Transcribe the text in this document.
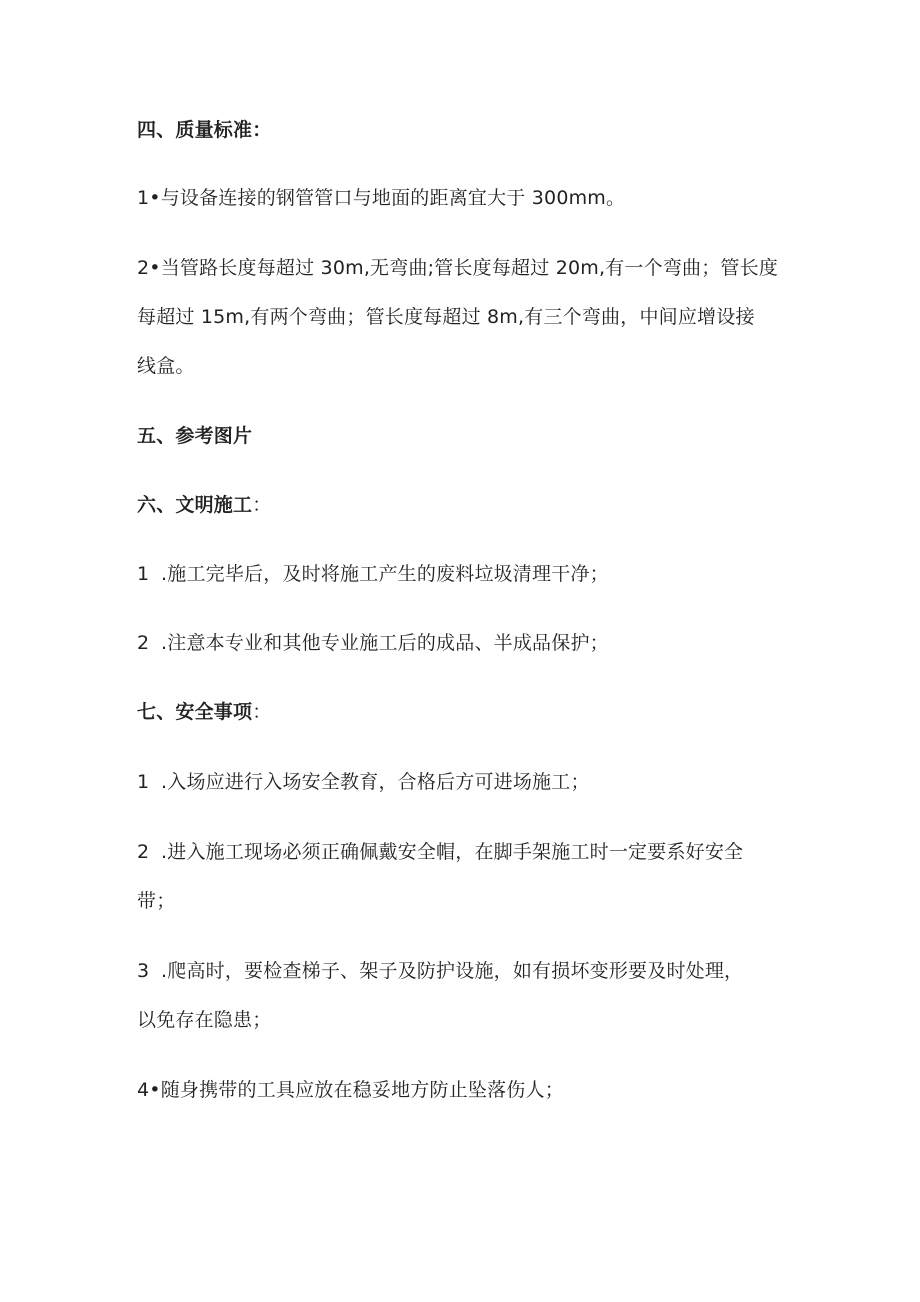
四、质量标准：
1•与设备连接的钢管管口与地面的距离宜大于 300mm。
2•当管路长度每超过 30m,无弯曲;管长度每超过 20m,有一个弯曲；管长度
每超过 15m,有两个弯曲；管长度每超过 8m,有三个弯曲，中间应增设接
线盒。
五、参考图片
六、文明施工：
1 .施工完毕后，及时将施工产生的废料垃圾清理干净；
2 .注意本专业和其他专业施工后的成品、半成品保护；
七、安全事项：
1 .入场应进行入场安全教育，合格后方可进场施工；
2 .进入施工现场必须正确佩戴安全帽，在脚手架施工时一定要系好安全
带；
3 .爬高时，要检查梯子、架子及防护设施，如有损坏变形要及时处理，
以免存在隐患；
4•随身携带的工具应放在稳妥地方防止坠落伤人；
